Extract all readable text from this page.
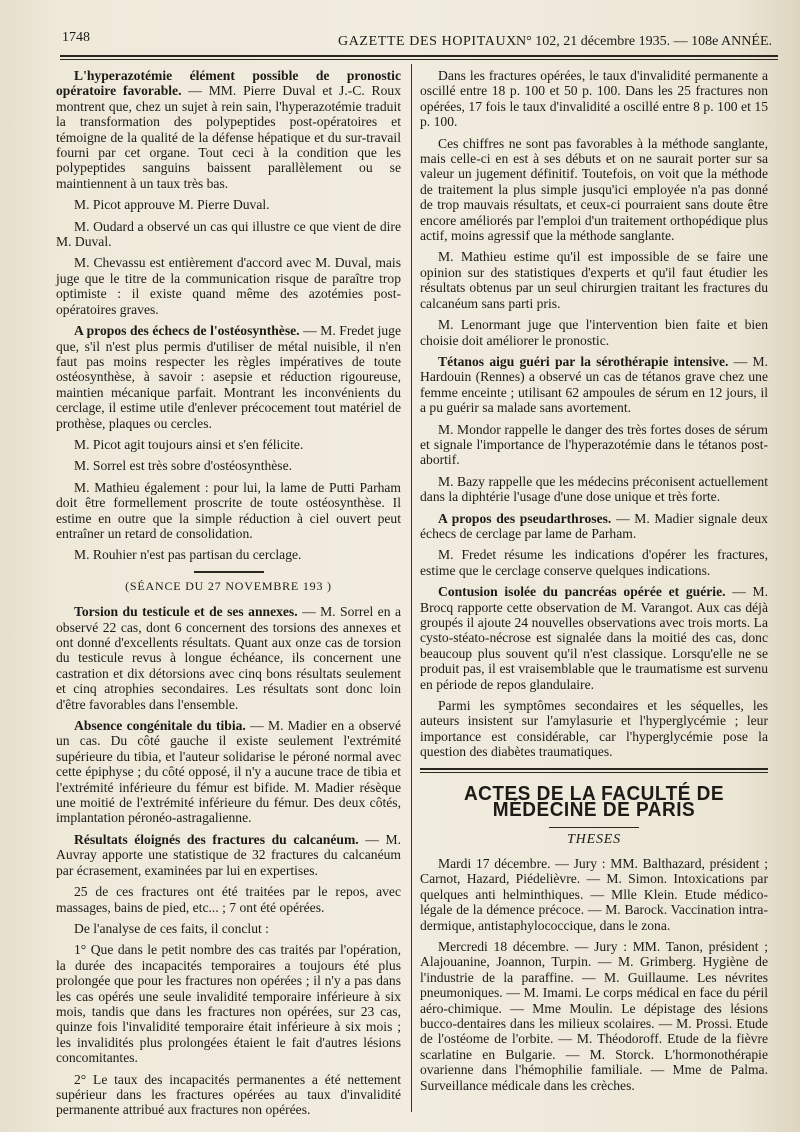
1748	GAZETTE DES HOPITAUX N° 102, 21 décembre 1935. — 108e ANNÉE.

L'hyperazotémie élément possible de pronostic opératoire favorable. — MM. Pierre Duval et J.-C. Roux montrent que, chez un sujet à rein sain, l'hyperazotémie traduit la transformation des polypeptides post-opératoires et témoigne de la qualité de la défense hépatique et du sur-travail fourni par cet organe. Tout ceci à la condition que les polypeptides sanguins baissent parallèlement ou se maintiennent à un taux très bas.

M. Picot approuve M. Pierre Duval.

M. Oudard a observé un cas qui illustre ce que vient de dire M. Duval.

M. Chevassu est entièrement d'accord avec M. Duval, mais juge que le titre de la communication risque de paraître trop optimiste : il existe quand même des azotémies post-opératoires graves.

A propos des échecs de l'ostéosynthèse. — M. Fredet juge que, s'il n'est plus permis d'utiliser de métal nuisible, il n'en faut pas moins respecter les règles impératives de toute ostéosynthèse, à savoir : asepsie et réduction rigoureuse, maintien mécanique parfait. Montrant les inconvénients du cerclage, il estime utile d'enlever précocement tout matériel de prothèse, plaques ou cercles.

M. Picot agit toujours ainsi et s'en félicite.

M. Sorrel est très sobre d'ostéosynthèse.

M. Mathieu également : pour lui, la lame de Putti Parham doit être formellement proscrite de toute ostéosynthèse. Il estime en outre que la simple réduction à ciel ouvert peut entraîner un retard de consolidation.

M. Rouhier n'est pas partisan du cerclage.

(SÉANCE DU 27 NOVEMBRE 193 )

Torsion du testicule et de ses annexes. — M. Sorrel en a observé 22 cas, dont 6 concernent des torsions des annexes et ont donné d'excellents résultats. Quant aux onze cas de torsion du testicule revus à longue échéance, ils concernent une castration et dix détorsions avec cinq bons résultats seulement et cinq atrophies secondaires. Les résultats sont donc loin d'être favorables dans l'ensemble.

Absence congénitale du tibia. — M. Madier en a observé un cas. Du côté gauche il existe seulement l'extrémité supérieure du tibia, et l'auteur solidarise le péroné normal avec cette épiphyse ; du côté opposé, il n'y a aucune trace de tibia et l'extrémité inférieure du fémur est bifide. M. Madier résèque une moitié de l'extrémité inférieure du fémur. Des deux côtés, implantation péronéo-astragalienne.

Résultats éloignés des fractures du calcanéum. — M. Auvray apporte une statistique de 32 fractures du calcanéum par écrasement, examinées par lui en expertises.

25 de ces fractures ont été traitées par le repos, avec massages, bains de pied, etc... ; 7 ont été opérées.

De l'analyse de ces faits, il conclut :

1° Que dans le petit nombre des cas traités par l'opération, la durée des incapacités temporaires a toujours été plus prolongée que pour les fractures non opérées ; il n'y a pas dans les cas opérés une seule invalidité temporaire inférieure à six mois, tandis que dans les fractures non opérées, sur 23 cas, quinze fois l'invalidité temporaire était inférieure à six mois ; les invalidités plus prolongées étaient le fait d'autres lésions concomitantes.

2° Le taux des incapacités permanentes a été nettement supérieur dans les fractures opérées au taux d'invalidité permanente attribué aux fractures non opérées.

Dans les fractures opérées, le taux d'invalidité permanente a oscillé entre 18 p. 100 et 50 p. 100. Dans les 25 fractures non opérées, 17 fois le taux d'invalidité a oscillé entre 8 p. 100 et 15 p. 100.

Ces chiffres ne sont pas favorables à la méthode sanglante, mais celle-ci en est à ses débuts et on ne saurait porter sur sa valeur un jugement définitif. Toutefois, on voit que la méthode de traitement la plus simple jusqu'ici employée n'a pas donné de trop mauvais résultats, et ceux-ci pourraient sans doute être encore améliorés par l'emploi d'un traitement orthopédique plus actif, moins agressif que la méthode sanglante.

M. Mathieu estime qu'il est impossible de se faire une opinion sur des statistiques d'experts et qu'il faut étudier les résultats obtenus par un seul chirurgien traitant les fractures du calcanéum sans parti pris.

M. Lenormant juge que l'intervention bien faite et bien choisie doit améliorer le pronostic.

Tétanos aigu guéri par la sérothérapie intensive. — M. Hardouin (Rennes) a observé un cas de tétanos grave chez une femme enceinte ; utilisant 62 ampoules de sérum en 12 jours, il a pu guérir sa malade sans avortement.

M. Mondor rappelle le danger des très fortes doses de sérum et signale l'importance de l'hyperazotémie dans le tétanos post-abortif.

M. Bazy rappelle que les médecins préconisent actuellement dans la diphtérie l'usage d'une dose unique et très forte.

A propos des pseudarthroses. — M. Madier signale deux échecs de cerclage par lame de Parham.

M. Fredet résume les indications d'opérer les fractures, estime que le cerclage conserve quelques indications.

Contusion isolée du pancréas opérée et guérie. — M. Brocq rapporte cette observation de M. Varangot. Aux cas déjà groupés il ajoute 24 nouvelles observations avec trois morts. La cysto-stéato-nécrose est signalée dans la moitié des cas, donc beaucoup plus souvent qu'il n'est classique. Lorsqu'elle ne se produit pas, il est vraisemblable que le traumatisme est survenu en période de repos glandulaire.

Parmi les symptômes secondaires et les séquelles, les auteurs insistent sur l'amylasurie et l'hyperglycémie ; leur importance est considérable, car l'hyperglycémie pose la question des diabètes traumatiques.

ACTES DE LA FACULTÉ DE MÉDECINE DE PARIS
THESES

Mardi 17 décembre. — Jury : MM. Balthazard, président ; Carnot, Hazard, Piédelièvre. — M. Simon. Intoxications par quelques anti helminthiques. — Mlle Klein. Etude médico-légale de la démence précoce. — M. Barock. Vaccination intra-dermique, antistaphylococcique, dans le zona.

Mercredi 18 décembre. — Jury : MM. Tanon, président ; Alajouanine, Joannon, Turpin. — M. Grimberg. Hygiène de l'industrie de la paraffine. — M. Guillaume. Les névrites pneumoniques. — M. Imami. Le corps médical en face du péril aéro-chimique. — Mme Moulin. Le dépistage des lésions bucco-dentaires dans les milieux scolaires. — M. Prossi. Etude de l'ostéome de l'orbite. — M. Théodoroff. Etude de la fièvre scarlatine en Bulgarie. — M. Storck. L'hormonothérapie ovarienne dans l'hémophilie familiale. — Mme de Palma. Surveillance médicale dans les crèches.
